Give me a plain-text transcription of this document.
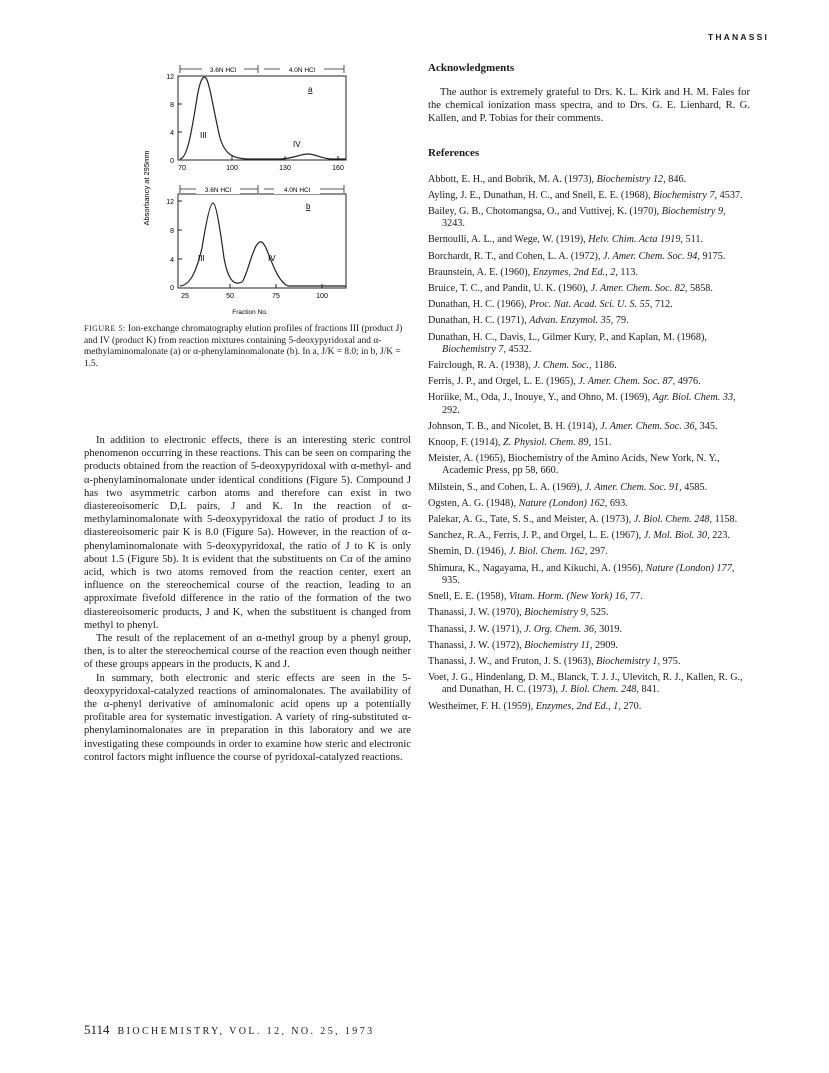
THANASSI
Absorbancy at 295mm
3.6N HCl	4.0N HCl
a
III
IV
12
8
4
0
70	100	130	160
3.6N HCl	4.0N HCl
b
III	IV
12
8
4
0
25	50	75	100
Fraction No.
FIGURE 5: Ion-exchange chromatography elution profiles of fractions III (product J) and IV (product K) from reaction mixtures containing 5-deoxypyridoxal and α-methylaminomalonate (a) or α-phenylaminomalonate (b). In a, J/K = 8.0; in b, J/K = 1.5.

In addition to electronic effects, there is an interesting steric control phenomenon occurring in these reactions. This can be seen on comparing the products obtained from the reaction of 5-deoxypyridoxal with α-methyl- and α-phenylaminomalonate under identical conditions (Figure 5). Compound J has two asymmetric carbon atoms and therefore can exist in two diastereoisomeric D,L pairs, J and K. In the reaction of α-methylaminomalonate with 5-deoxypyridoxal the ratio of product J to its diastereoisomeric pair K is 8.0 (Figure 5a). However, in the reaction of α-phenylaminomalonate with 5-deoxypyridoxal, the ratio of J to K is only about 1.5 (Figure 5b). It is evident that the substituents on Cα of the amino acid, which is two atoms removed from the reaction center, exert an influence on the stereochemical course of the reaction, leading to an approximate fivefold difference in the ratio of the formation of the two diastereoisomeric products, J and K, when the substituent is changed from methyl to phenyl.

The result of the replacement of an α-methyl group by a phenyl group, then, is to alter the stereochemical course of the reaction even though neither of these groups appears in the products, K and J.

In summary, both electronic and steric effects are seen in the 5-deoxypyridoxal-catalyzed reactions of aminomalonates. The availability of the α-phenyl derivative of aminomalonic acid opens up a potentially profitable area for systematic investigation. A variety of ring-substituted α-phenylaminomalonates are in preparation in this laboratory and we are investigating these compounds in order to examine how steric and electronic control factors might influence the course of pyridoxal-catalyzed reactions.

Acknowledgments

The author is extremely grateful to Drs. K. L. Kirk and H. M. Fales for the chemical ionization mass spectra, and to Drs. G. E. Lienhard, R. G. Kallen, and P. Tobias for their comments.

References

Abbott, E. H., and Bobrik, M. A. (1973), Biochemistry 12, 846.

Ayling, J. E., Dunathan, H. C., and Snell, E. E. (1968), Biochemistry 7, 4537.

Bailey, G. B., Chotomangsa, O., and Vuttivej, K. (1970), Biochemistry 9, 3243.

Bernoulli, A. L., and Wege, W. (1919), Helv. Chim. Acta 1919, 511.

Borchardt, R. T., and Cohen, L. A. (1972), J. Amer. Chem. Soc. 94, 9175.

Braunstein, A. E. (1960), Enzymes, 2nd Ed., 2, 113.

Bruice, T. C., and Pandit, U. K. (1960), J. Amer. Chem. Soc. 82, 5858.

Dunathan, H. C. (1966), Proc. Nat. Acad. Sci. U. S. 55, 712.

Dunathan, H. C. (1971), Advan. Enzymol. 35, 79.

Dunathan, H. C., Davis, L., Gilmer Kury, P., and Kaplan, M. (1968), Biochemistry 7, 4532.

Fairclough, R. A. (1938), J. Chem. Soc., 1186.

Ferris, J. P., and Orgel, L. E. (1965), J. Amer. Chem. Soc. 87, 4976.

Horiike, M., Oda, J., Inouye, Y., and Ohno, M. (1969), Agr. Biol. Chem. 33, 292.

Johnson, T. B., and Nicolet, B. H. (1914), J. Amer. Chem. Soc. 36, 345.

Knoop, F. (1914), Z. Physiol. Chem. 89, 151.

Meister, A. (1965), Biochemistry of the Amino Acids, New York, N. Y., Academic Press, pp 58, 660.

Milstein, S., and Cohen, L. A. (1969), J. Amer. Chem. Soc. 91, 4585.

Ogsten, A. G. (1948), Nature (London) 162, 693.

Palekar, A. G., Tate, S. S., and Meister, A. (1973), J. Biol. Chem. 248, 1158.

Sanchez, R. A., Ferris, J. P., and Orgel, L. E. (1967), J. Mol. Biol. 30, 223.

Shemin, D. (1946), J. Biol. Chem. 162, 297.

Shimura, K., Nagayama, H., and Kikuchi, A. (1956), Nature (London) 177, 935.

Snell, E. E. (1958), Vitam. Horm. (New York) 16, 77.

Thanassi, J. W. (1970), Biochemistry 9, 525.

Thanassi, J. W. (1971), J. Org. Chem. 36, 3019.

Thanassi, J. W. (1972), Biochemistry 11, 2909.

Thanassi, J. W., and Fruton, J. S. (1963), Biochemistry 1, 975.

Voet, J. G., Hindenlang, D. M., Blanck, T. J. J., Ulevitch, R. J., Kallen, R. G., and Dunathan, H. C. (1973), J. Biol. Chem. 248, 841.

Westheimer, F. H. (1959), Enzymes, 2nd Ed., 1, 270.

5114 BIOCHEMISTRY, VOL. 12, NO. 25, 1973
